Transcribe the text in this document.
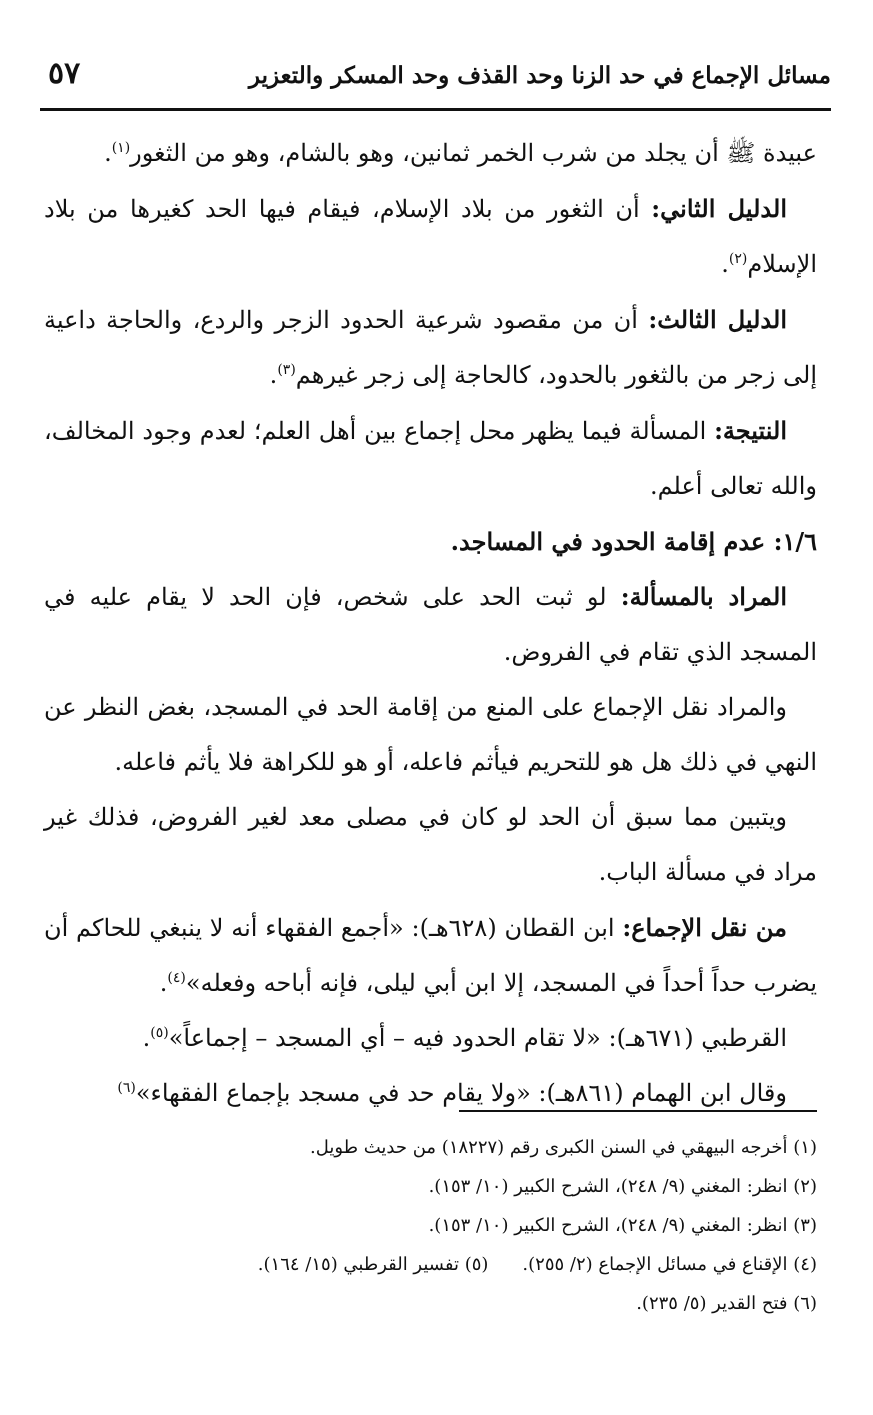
مسائل الإجماع في حد الزنا وحد القذف وحد المسكر والتعزير
٥٧

عبيدة ﷺ أن يجلد من شرب الخمر ثمانين، وهو بالشام، وهو من الثغور$^{(١)}$.

الدليل الثاني: أن الثغور من بلاد الإسلام، فيقام فيها الحد كغيرها من بلاد الإسلام$^{(٢)}$.

الدليل الثالث: أن من مقصود شرعية الحدود الزجر والردع، والحاجة داعية إلى زجر من بالثغور بالحدود، كالحاجة إلى زجر غيرهم$^{(٣)}$.

النتيجة: المسألة فيما يظهر محل إجماع بين أهل العلم؛ لعدم وجود المخالف، والله تعالى أعلم.

١/٦: عدم إقامة الحدود في المساجد.

المراد بالمسألة: لو ثبت الحد على شخص، فإن الحد لا يقام عليه في المسجد الذي تقام في الفروض.

والمراد نقل الإجماع على المنع من إقامة الحد في المسجد، بغض النظر عن النهي في ذلك هل هو للتحريم فيأثم فاعله، أو هو للكراهة فلا يأثم فاعله.

ويتبين مما سبق أن الحد لو كان في مصلى معد لغير الفروض، فذلك غير مراد في مسألة الباب.

من نقل الإجماع: ابن القطان (٦٢٨هـ): «أجمع الفقهاء أنه لا ينبغي للحاكم أن يضرب حداً أحداً في المسجد، إلا ابن أبي ليلى، فإنه أباحه وفعله»$^{(٤)}$.

القرطبي (٦٧١هـ): «لا تقام الحدود فيه – أي المسجد – إجماعاً»$^{(٥)}$.

وقال ابن الهمام (٨٦١هـ): «ولا يقام حد في مسجد بإجماع الفقهاء»$^{(٦)}$

(١) أخرجه البيهقي في السنن الكبرى رقم (١٨٢٢٧) من حديث طويل.
(٢) انظر: المغني (٩/ ٢٤٨)، الشرح الكبير (١٠/ ١٥٣).
(٣) انظر: المغني (٩/ ٢٤٨)، الشرح الكبير (١٠/ ١٥٣).
(٤) الإقناع في مسائل الإجماع (٢/ ٢٥٥).(٥) تفسير القرطبي (١٥/ ١٦٤).
(٦) فتح القدير (٥/ ٢٣٥).
